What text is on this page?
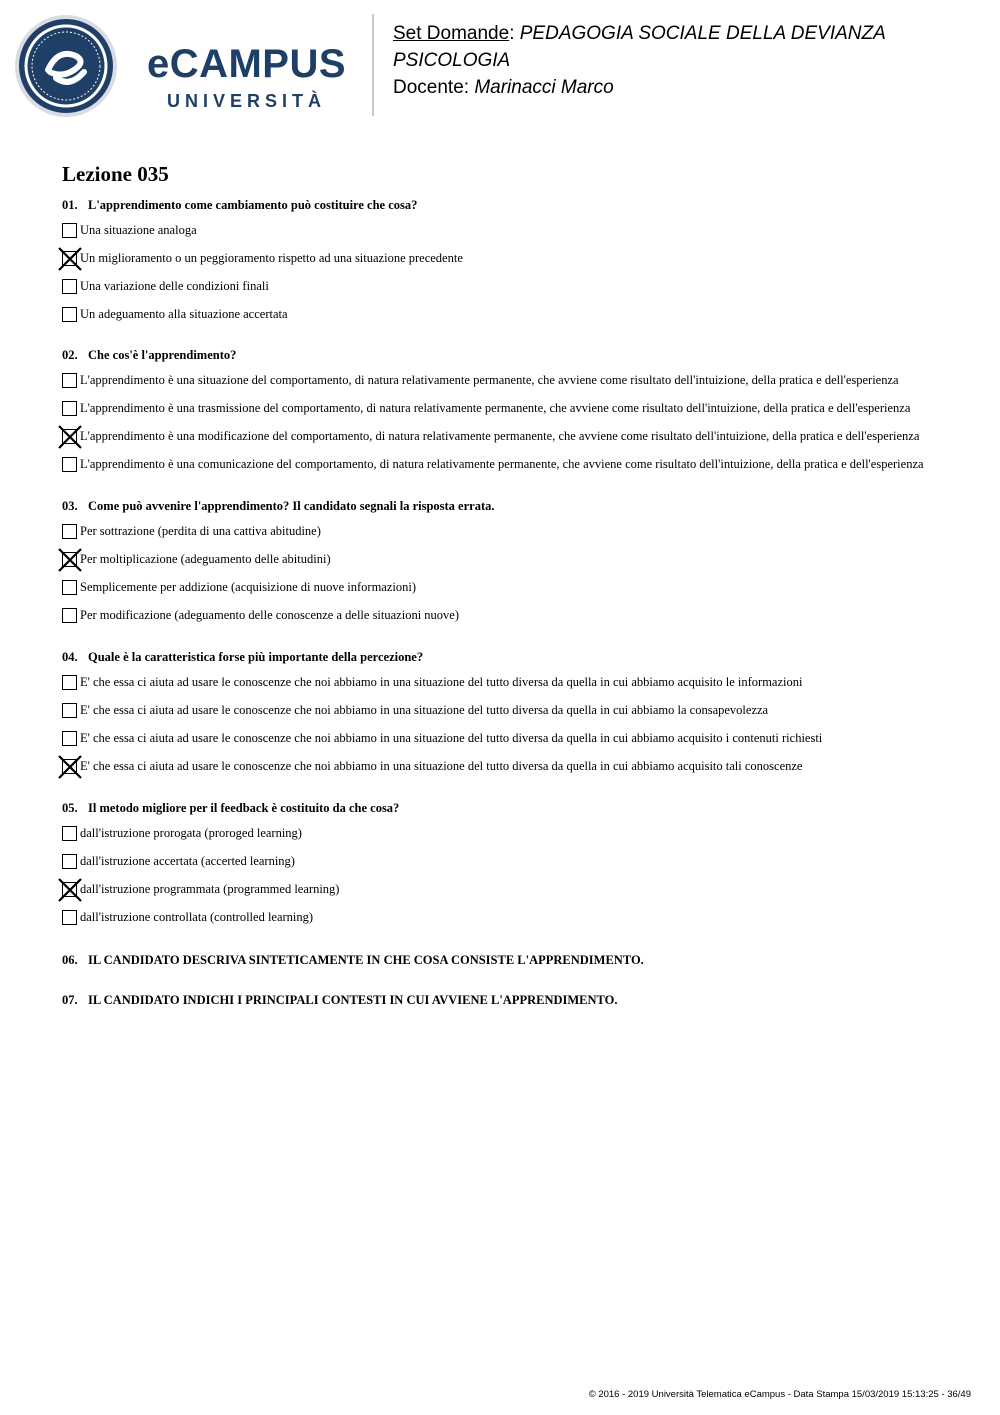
eCAMPUS
UNIVERSITÀ
Set Domande: PEDAGOGIA SOCIALE DELLA DEVIANZA
PSICOLOGIA
Docente: Marinacci Marco
Lezione 035
01. L'apprendimento come cambiamento può costituire che cosa?
Una situazione analoga
Un miglioramento o un peggioramento rispetto ad una situazione precedente
Una variazione delle condizioni finali
Un adeguamento alla situazione accertata
02. Che cos'è l'apprendimento?
L'apprendimento è una situazione del comportamento, di natura relativamente permanente, che avviene come risultato dell'intuizione, della pratica e dell'esperienza
L'apprendimento è una trasmissione del comportamento, di natura relativamente permanente, che avviene come risultato dell'intuizione, della pratica e dell'esperienza
L'apprendimento è una modificazione del comportamento, di natura relativamente permanente, che avviene come risultato dell'intuizione, della pratica e dell'esperienza
L'apprendimento è una comunicazione del comportamento, di natura relativamente permanente, che avviene come risultato dell'intuizione, della pratica e dell'esperienza
03. Come può avvenire l'apprendimento? Il candidato segnali la risposta errata.
Per sottrazione (perdita di una cattiva abitudine)
Per moltiplicazione (adeguamento delle abitudini)
Semplicemente per addizione (acquisizione di nuove informazioni)
Per modificazione (adeguamento delle conoscenze a delle situazioni nuove)
04. Quale è la caratteristica forse più importante della percezione?
E' che essa ci aiuta ad usare le conoscenze che noi abbiamo in una situazione del tutto diversa da quella in cui abbiamo acquisito le informazioni
E' che essa ci aiuta ad usare le conoscenze che noi abbiamo in una situazione del tutto diversa da quella in cui abbiamo la consapevolezza
E' che essa ci aiuta ad usare le conoscenze che noi abbiamo in una situazione del tutto diversa da quella in cui abbiamo acquisito i contenuti richiesti
E' che essa ci aiuta ad usare le conoscenze che noi abbiamo in una situazione del tutto diversa da quella in cui abbiamo acquisito tali conoscenze
05. Il metodo migliore per il feedback è costituito da che cosa?
dall'istruzione prorogata (proroged learning)
dall'istruzione accertata (accerted learning)
dall'istruzione programmata (programmed learning)
dall'istruzione controllata (controlled learning)
06. IL CANDIDATO DESCRIVA SINTETICAMENTE IN CHE COSA CONSISTE L'APPRENDIMENTO.
07. IL CANDIDATO INDICHI I PRINCIPALI CONTESTI IN CUI AVVIENE L'APPRENDIMENTO.
© 2016 - 2019 Università Telematica eCampus - Data Stampa 15/03/2019 15:13:25 - 36/49
